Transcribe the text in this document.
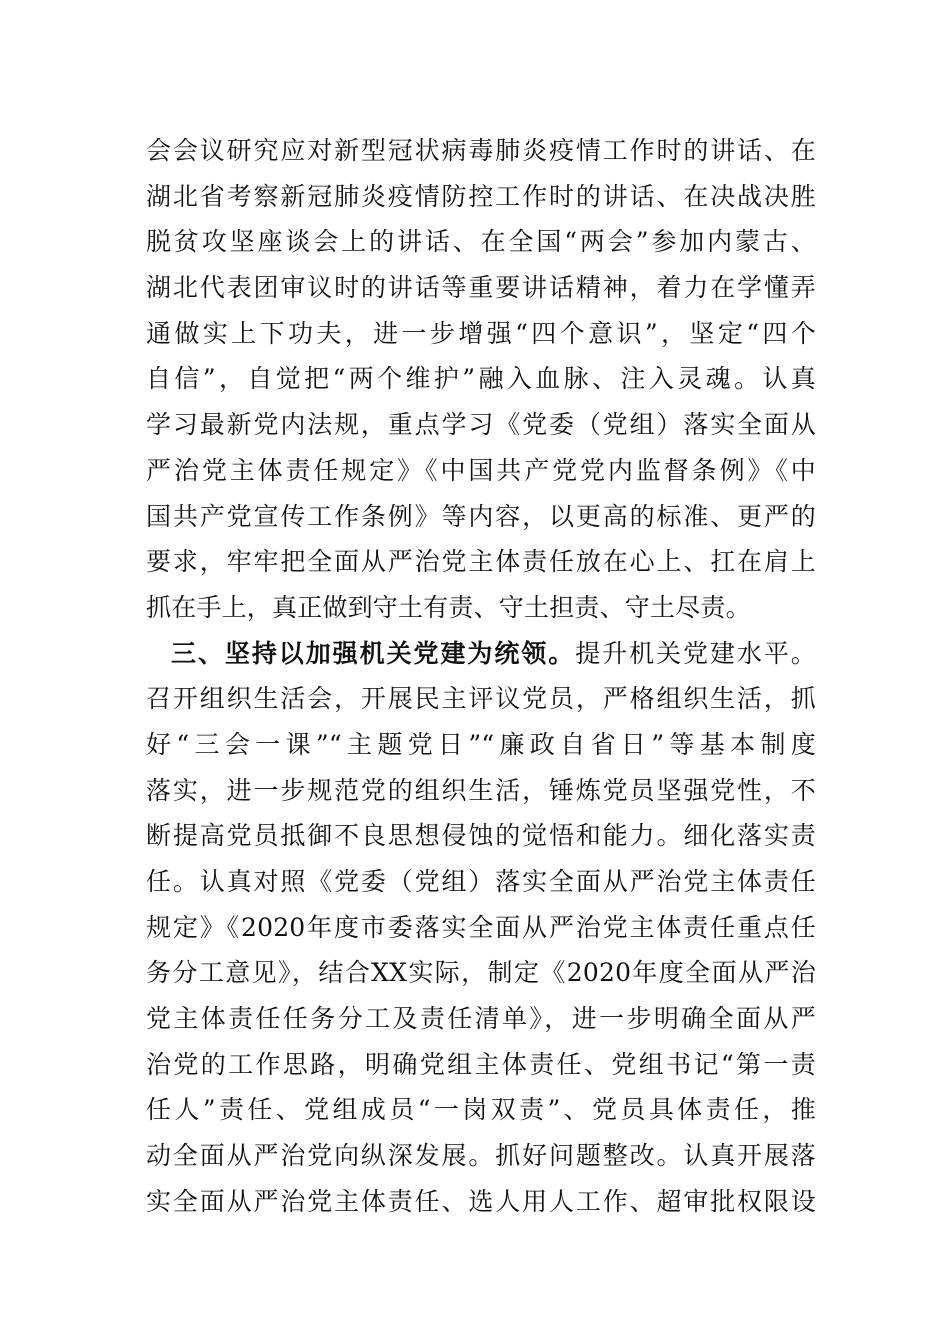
会会议研究应对新型冠状病毒肺炎疫情工作时的讲话、在
湖北省考察新冠肺炎疫情防控工作时的讲话、在决战决胜
脱贫攻坚座谈会上的讲话、在全国“两会”参加内蒙古、
湖北代表团审议时的讲话等重要讲话精神，着力在学懂弄
通做实上下功夫，进一步增强“四个意识”，坚定“四个
自信”，自觉把“两个维护”融入血脉、注入灵魂。认真
学习最新党内法规，重点学习《党委（党组）落实全面从
严治党主体责任规定》《中国共产党党内监督条例》《中
国共产党宣传工作条例》等内容，以更高的标准、更严的
要求，牢牢把全面从严治党主体责任放在心上、扛在肩上
抓在手上，真正做到守土有责、守土担责、守土尽责。
三、坚持以加强机关党建为统领。提升机关党建水平。
召开组织生活会，开展民主评议党员，严格组织生活，抓
好“三会一课”“主题党日”“廉政自省日”等基本制度
落实，进一步规范党的组织生活，锤炼党员坚强党性，不
断提高党员抵御不良思想侵蚀的觉悟和能力。细化落实责
任。认真对照《党委（党组）落实全面从严治党主体责任
规定》《2020年度市委落实全面从严治党主体责任重点任
务分工意见》，结合XX实际，制定《2020年度全面从严治
党主体责任任务分工及责任清单》，进一步明确全面从严
治党的工作思路，明确党组主体责任、党组书记“第一责
任人”责任、党组成员“一岗双责”、党员具体责任，推
动全面从严治党向纵深发展。抓好问题整改。认真开展落
实全面从严治党主体责任、选人用人工作、超审批权限设
